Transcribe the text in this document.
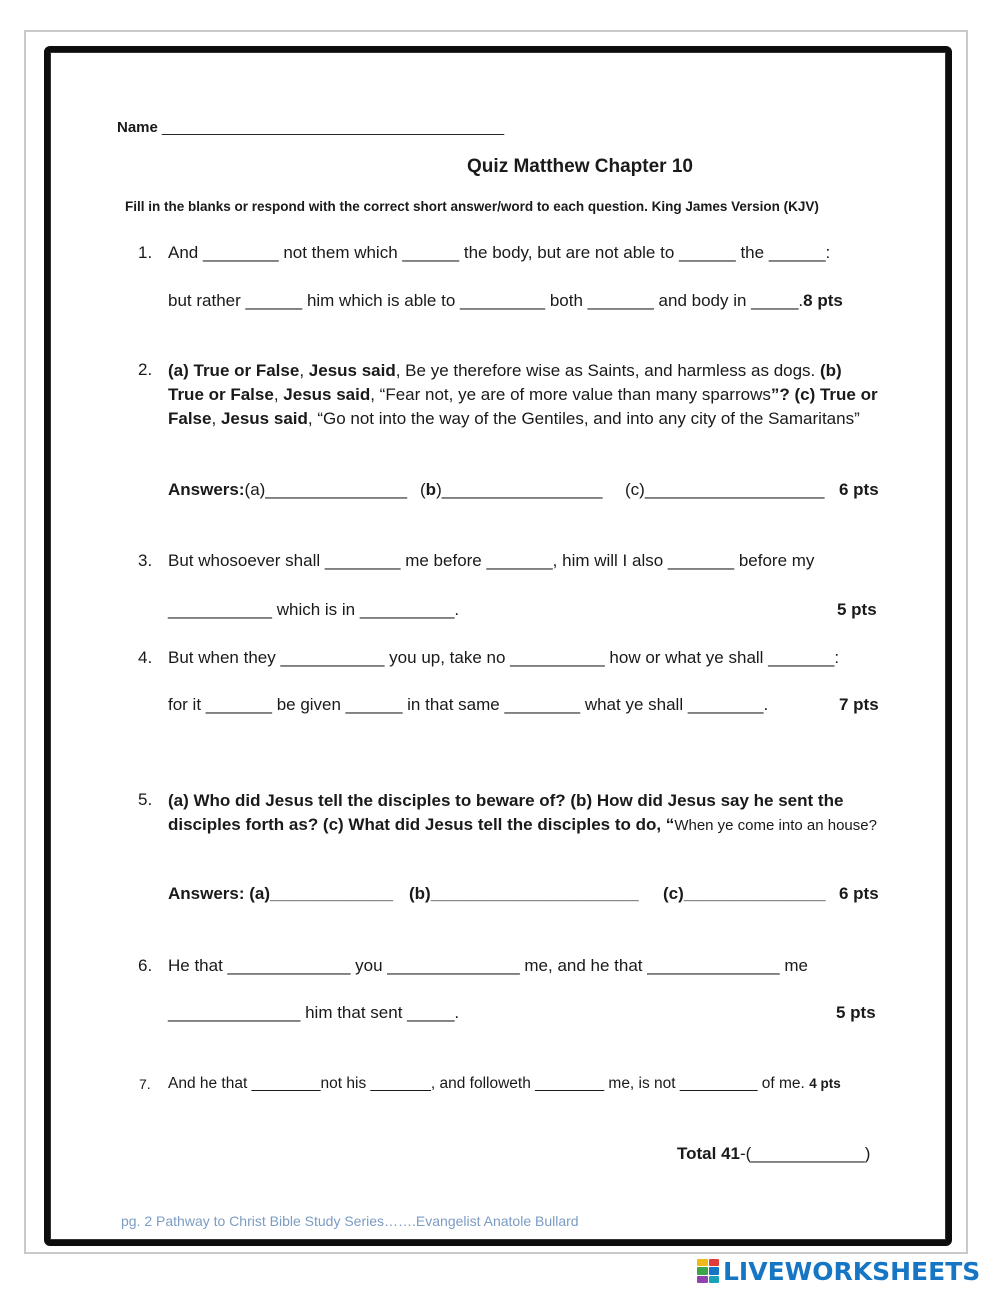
Name _________________________________________
Quiz Matthew Chapter 10
Fill in the blanks or respond with the correct short answer/word to each question. King James Version (KJV)
1. And ________ not them which ______ the body, but are not able to ______ the ______:
but rather ______ him which is able to _________ both _______ and body in _____.8 pts
2. (a) True or False, Jesus said, Be ye therefore wise as Saints, and harmless as dogs. (b) True or False, Jesus said, “Fear not, ye are of more value than many sparrows”? (c) True or False, Jesus said, “Go not into the way of the Gentiles, and into any city of the Samaritans”
Answers:(a)_______________ (b)_________________ (c)___________________ 6 pts
3. But whosoever shall ________ me before _______, him will I also _______ before my
___________ which is in __________.	5 pts
4. But when they ___________ you up, take no __________ how or what ye shall _______:
for it _______ be given ______ in that same ________ what ye shall ________.	7 pts
5. (a) Who did Jesus tell the disciples to beware of? (b) How did Jesus say he sent the disciples forth as? (c) What did Jesus tell the disciples to do, “When ye come into an house?
Answers: (a)_____________ (b)______________________ (c)_______________ 6 pts
6. He that _____________ you ______________ me, and he that ______________ me
______________ him that sent _____.	5 pts
7. And he that ________not his _______, and followeth ________ me, is not _________ of me. 4 pts
Total 41-(____________)
pg. 2 Pathway to Christ Bible Study Series…….Evangelist Anatole Bullard
LIVEWORKSHEETS
